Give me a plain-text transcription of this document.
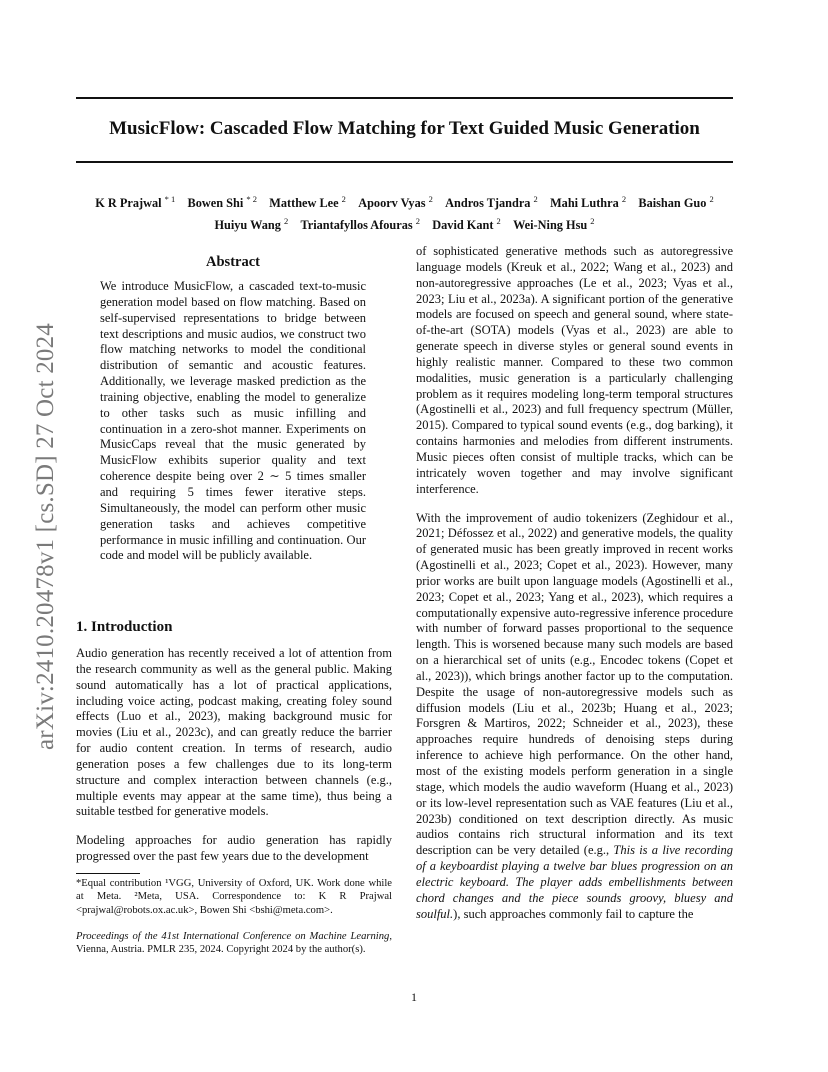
MusicFlow: Cascaded Flow Matching for Text Guided Music Generation
K R Prajwal $^{* 1}$  Bowen Shi $^{* 2}$  Matthew Lee $^2$  Apoorv Vyas $^2$  Andros Tjandra $^2$  Mahi Luthra $^2$  Baishan Guo $^2$
Huiyu Wang $^2$  Triantafyllos Afouras $^2$  David Kant $^2$  Wei-Ning Hsu $^2$
arXiv:2410.20478v1 [cs.SD] 27 Oct 2024
Abstract

We introduce MusicFlow, a cascaded text-to-music generation model based on flow matching. Based on self-supervised representations to bridge between text descriptions and music audios, we construct two flow matching networks to model the conditional distribution of semantic and acoustic features. Additionally, we leverage masked prediction as the training objective, enabling the model to generalize to other tasks such as music infilling and continuation in a zero-shot manner. Experiments on MusicCaps reveal that the music generated by MusicFlow exhibits superior quality and text coherence despite being over 2 ∼ 5 times smaller and requiring 5 times fewer iterative steps. Simultaneously, the model can perform other music generation tasks and achieves competitive performance in music infilling and continuation. Our code and model will be publicly available.

1. Introduction

Audio generation has recently received a lot of attention from the research community as well as the general public. Making sound automatically has a lot of practical applications, including voice acting, podcast making, creating foley sound effects (Luo et al., 2023), making background music for movies (Liu et al., 2023c), and can greatly reduce the barrier for audio content creation. In terms of research, audio generation poses a few challenges due to its long-term structure and complex interaction between channels (e.g., multiple events may appear at the same time), thus being a suitable testbed for generative models.

Modeling approaches for audio generation has rapidly progressed over the past few years due to the development

*Equal contribution ¹VGG, University of Oxford, UK. Work done while at Meta. ²Meta, USA. Correspondence to: K R Prajwal <prajwal@robots.ox.ac.uk>, Bowen Shi <bshi@meta.com>.
Proceedings of the 41st International Conference on Machine Learning, Vienna, Austria. PMLR 235, 2024. Copyright 2024 by the author(s).

of sophisticated generative methods such as autoregressive language models (Kreuk et al., 2022; Wang et al., 2023) and non-autoregressive approaches (Le et al., 2023; Vyas et al., 2023; Liu et al., 2023a). A significant portion of the generative models are focused on speech and general sound, where state-of-the-art (SOTA) models (Vyas et al., 2023) are able to generate speech in diverse styles or general sound events in highly realistic manner. Compared to these two common modalities, music generation is a particularly challenging problem as it requires modeling long-term temporal structures (Agostinelli et al., 2023) and full frequency spectrum (Müller, 2015). Compared to typical sound events (e.g., dog barking), it contains harmonies and melodies from different instruments. Music pieces often consist of multiple tracks, which can be intricately woven together and may involve significant interference.

With the improvement of audio tokenizers (Zeghidour et al., 2021; Défossez et al., 2022) and generative models, the quality of generated music has been greatly improved in recent works (Agostinelli et al., 2023; Copet et al., 2023). However, many prior works are built upon language models (Agostinelli et al., 2023; Copet et al., 2023; Yang et al., 2023), which requires a computationally expensive auto-regressive inference procedure with number of forward passes proportional to the sequence length. This is worsened because many such models are based on a hierarchical set of units (e.g., Encodec tokens (Copet et al., 2023)), which brings another factor up to the computation. Despite the usage of non-autoregressive models such as diffusion models (Liu et al., 2023b; Huang et al., 2023; Forsgren & Martiros, 2022; Schneider et al., 2023), these approaches require hundreds of denoising steps during inference to achieve high performance. On the other hand, most of the existing models perform generation in a single stage, which models the audio waveform (Huang et al., 2023) or its low-level representation such as VAE features (Liu et al., 2023b) conditioned on text description directly. As music audios contains rich structural information and its text description can be very detailed (e.g., This is a live recording of a keyboardist playing a twelve bar blues progression on an electric keyboard. The player adds embellishments between chord changes and the piece sounds groovy, bluesy and soulful.), such approaches commonly fail to capture the

1
